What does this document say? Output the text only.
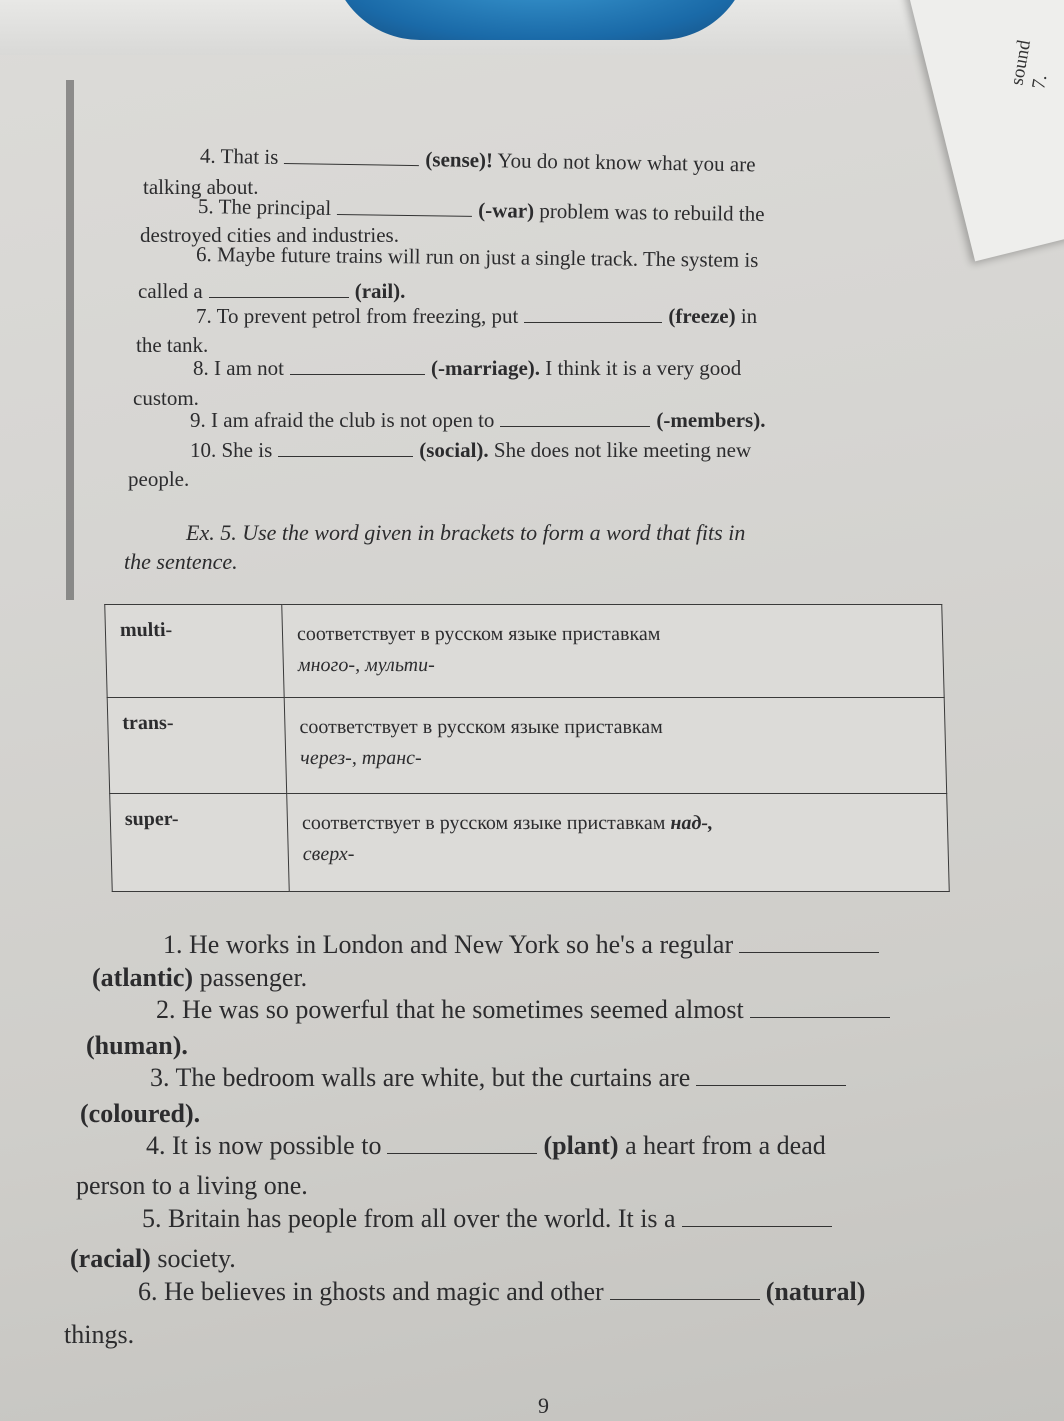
sound 7.
4. That is	(sense)! You do not know what you are
talking about.
5. The principal	(-war) problem was to rebuild the
destroyed cities and industries.
6. Maybe future trains will run on just a single track. The system is
called a	(rail).
7. To prevent petrol from freezing, put	(freeze) in
the tank.
8. I am not	(-marriage). I think it is a very good
custom.
9. I am afraid the club is not open to	(-members).
10. She is	(social). She does not like meeting new
people.
Ex. 5. Use the word given in brackets to form a word that fits in
the sentence.
multi-	соответствует в русском языке приставкам
много-, мульти-

trans-	соответствует в русском языке приставкам
через-, транс-

super-	соответствует в русском языке приставкам над-,
сверх-
1. He works in London and New York so he's a regular
(atlantic) passenger.
2. He was so powerful that he sometimes seemed almost
(human).
3. The bedroom walls are white, but the curtains are
(coloured).
4. It is now possible to	(plant) a heart from a dead
person to a living one.
5. Britain has people from all over the world. It is a
(racial) society.
6. He believes in ghosts and magic and other	(natural)
things.
9
